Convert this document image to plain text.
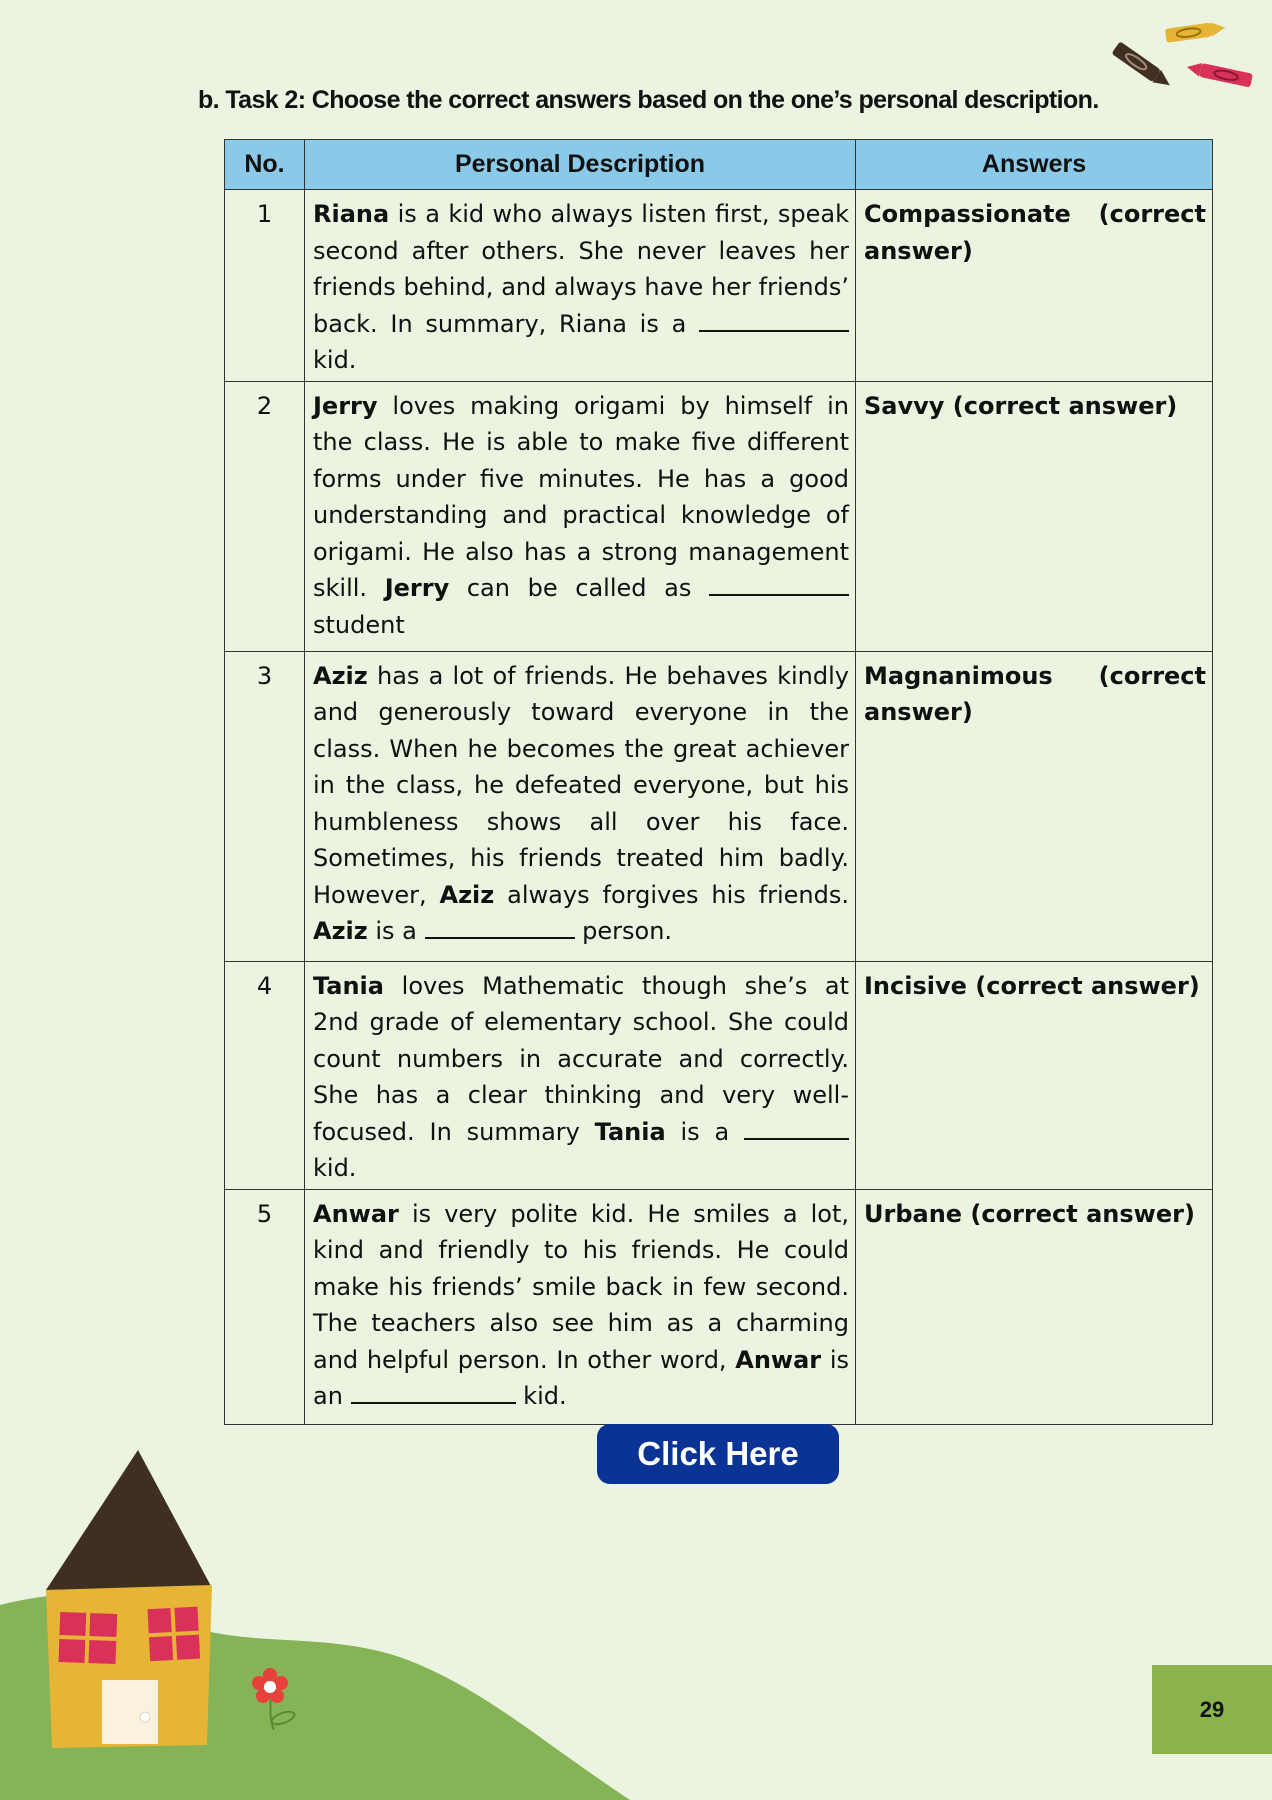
b. Task 2: Choose the correct answers based on the one’s personal description.
No.	Personal Description	Answers
1	Riana is a kid who always listen first, speak second after others. She never leaves her friends behind, and always have her friends’ back. In summary, Riana is a  kid.	Compassionate (correct answer)
2	Jerry loves making origami by himself in the class. He is able to make five different forms under five minutes. He has a good understanding and practical knowledge of origami. He also has a strong management skill. Jerry can be called as  student	Savvy (correct answer)
3	Aziz has a lot of friends. He behaves kindly and generously toward everyone in the class. When he becomes the great achiever in the class, he defeated everyone, but his humbleness shows all over his face. Sometimes, his friends treated him badly. However, Aziz always forgives his friends. Aziz is a person.	Magnanimous (correct answer)
4	Tania loves Mathematic though she’s at 2nd grade of elementary school. She could count numbers in accurate and correctly. She has a clear thinking and very well-focused. In summary Tania is a  kid.	Incisive (correct answer)
5	Anwar is very polite kid. He smiles a lot, kind and friendly to his friends. He could make his friends’ smile back in few second. The teachers also see him as a charming and helpful person. In other word, Anwar is an kid.	Urbane (correct answer)
Click Here
29
